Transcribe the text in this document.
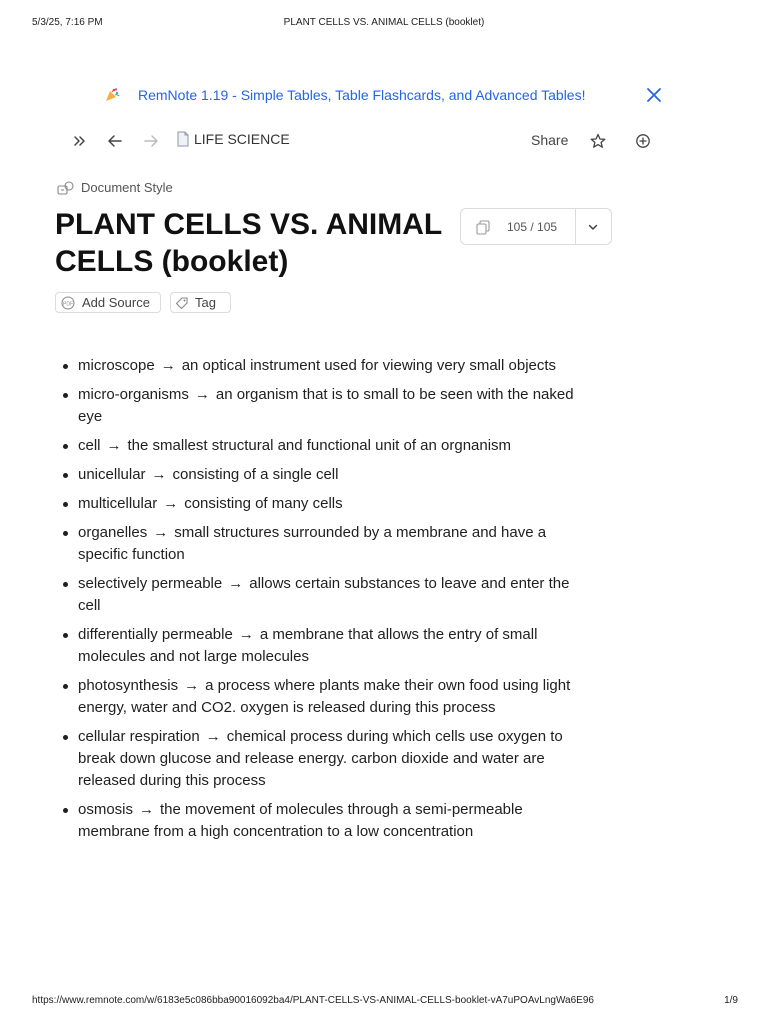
5/3/25, 7:16 PM	PLANT CELLS VS. ANIMAL CELLS (booklet)
RemNote 1.19 - Simple Tables, Table Flashcards, and Advanced Tables!
LIFE SCIENCE	Share
Document Style
PLANT CELLS VS. ANIMAL CELLS (booklet)
105 / 105
PDF Add Source	Tag
microscope → an optical instrument used for viewing very small objects
micro-organisms → an organism that is to small to be seen with the naked eye
cell → the smallest structural and functional unit of an orgnanism
unicellular → consisting of a single cell
multicellular → consisting of many cells
organelles → small structures surrounded by a membrane and have a specific function
selectively permeable → allows certain substances to leave and enter the cell
differentially permeable → a membrane that allows the entry of small molecules and not large molecules
photosynthesis → a process where plants make their own food using light energy, water and CO2. oxygen is released during this process
cellular respiration → chemical process during which cells use oxygen to break down glucose and release energy. carbon dioxide and water are released during this process
osmosis → the movement of molecules through a semi-permeable membrane from a high concentration to a low concentration
https://www.remnote.com/w/6183e5c086bba90016092ba4/PLANT-CELLS-VS-ANIMAL-CELLS-booklet-vA7uPOAvLngWa6E96	1/9
